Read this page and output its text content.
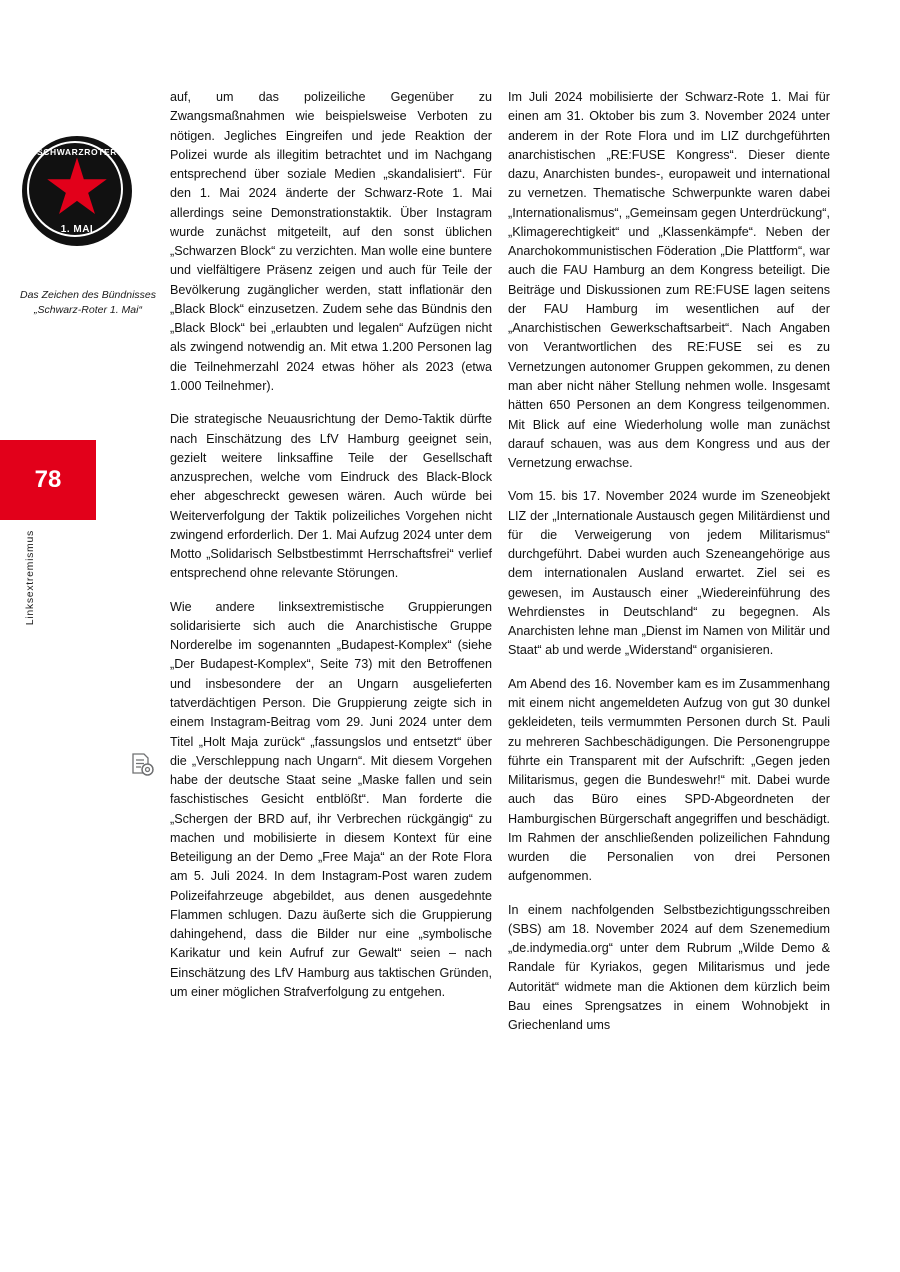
SCHWARZROTER
1. MAI
Das Zeichen des Bündnisses „Schwarz-Roter 1. Mai“
78
Linksextremismus

auf, um das polizeiliche Gegenüber zu Zwangsmaßnahmen wie beispielsweise Verboten zu nötigen. Jegliches Eingreifen und jede Reaktion der Polizei wurde als illegitim betrachtet und im Nachgang entsprechend über soziale Medien „skandalisiert“. Für den 1. Mai 2024 änderte der Schwarz-Rote 1. Mai allerdings seine Demonstrationstaktik. Über Instagram wurde zunächst mitgeteilt, auf den sonst üblichen „Schwarzen Block“ zu verzichten. Man wolle eine buntere und vielfältigere Präsenz zeigen und auch für Teile der Bevölkerung zugänglicher werden, statt inflationär den „Black Block“ einzusetzen. Zudem sehe das Bündnis den „Black Block“ bei „erlaubten und legalen“ Aufzügen nicht als zwingend notwendig an. Mit etwa 1.200 Personen lag die Teilnehmerzahl 2024 etwas höher als 2023 (etwa 1.000 Teilnehmer).

Die strategische Neuausrichtung der Demo-Taktik dürfte nach Einschätzung des LfV Hamburg geeignet sein, gezielt weitere linksaffine Teile der Gesellschaft anzusprechen, welche vom Eindruck des Black-Block eher abgeschreckt gewesen wären. Auch würde bei Weiterverfolgung der Taktik polizeiliches Vorgehen nicht zwingend erforderlich. Der 1. Mai Aufzug 2024 unter dem Motto „Solidarisch Selbstbestimmt Herrschaftsfrei“ verlief entsprechend ohne relevante Störungen.

Wie andere linksextremistische Gruppierungen solidarisierte sich auch die Anarchistische Gruppe Norderelbe im sogenannten „Budapest-Komplex“ (siehe „Der Budapest-Komplex“, Seite 73) mit den Betroffenen und insbesondere der an Ungarn ausgelieferten tatverdächtigen Person. Die Gruppierung zeigte sich in einem Instagram-Beitrag vom 29. Juni 2024 unter dem Titel „Holt Maja zurück“ „fassungslos und entsetzt“ über die „Verschleppung nach Ungarn“. Mit diesem Vorgehen habe der deutsche Staat seine „Maske fallen und sein faschistisches Gesicht entblößt“. Man forderte die „Schergen der BRD auf, ihr Verbrechen rückgängig“ zu machen und mobilisierte in diesem Kontext für eine Beteiligung an der Demo „Free Maja“ an der Rote Flora am 5. Juli 2024. In dem Instagram-Post waren zudem Polizeifahrzeuge abgebildet, aus denen ausgedehnte Flammen schlugen. Dazu äußerte sich die Gruppierung dahingehend, dass die Bilder nur eine „symbolische Karikatur und kein Aufruf zur Gewalt“ seien – nach Einschätzung des LfV Hamburg aus taktischen Gründen, um einer möglichen Strafverfolgung zu entgehen.

Im Juli 2024 mobilisierte der Schwarz-Rote 1. Mai für einen am 31. Oktober bis zum 3. November 2024 unter anderem in der Rote Flora und im LIZ durchgeführten anarchistischen „RE:FUSE Kongress“. Dieser diente dazu, Anarchisten bundes-, europaweit und international zu vernetzen. Thematische Schwerpunkte waren dabei „Internationalismus“, „Gemeinsam gegen Unterdrückung“, „Klimagerechtigkeit“ und „Klassenkämpfe“. Neben der Anarchokommunistischen Föderation „Die Plattform“, war auch die FAU Hamburg an dem Kongress beteiligt. Die Beiträge und Diskussionen zum RE:FUSE lagen seitens der FAU Hamburg im wesentlichen auf der „Anarchistischen Gewerkschaftsarbeit“. Nach Angaben von Verantwortlichen des RE:FUSE sei es zu Vernetzungen autonomer Gruppen gekommen, zu denen man aber nicht näher Stellung nehmen wolle. Insgesamt hätten 650 Personen an dem Kongress teilgenommen. Mit Blick auf eine Wiederholung wolle man zunächst darauf schauen, was aus dem Kongress und aus der Vernetzung erwachse.

Vom 15. bis 17. November 2024 wurde im Szeneobjekt LIZ der „Internationale Austausch gegen Militärdienst und für die Verweigerung von jedem Militarismus“ durchgeführt. Dabei wurden auch Szeneangehörige aus dem internationalen Ausland erwartet. Ziel sei es gewesen, im Austausch einer „Wiedereinführung des Wehrdienstes in Deutschland“ zu begegnen. Als Anarchisten lehne man „Dienst im Namen von Militär und Staat“ ab und werde „Widerstand“ organisieren.

Am Abend des 16. November kam es im Zusammenhang mit einem nicht angemeldeten Aufzug von gut 30 dunkel gekleideten, teils vermummten Personen durch St. Pauli zu mehreren Sachbeschädigungen. Die Personengruppe führte ein Transparent mit der Aufschrift: „Gegen jeden Militarismus, gegen die Bundeswehr!“ mit. Dabei wurde auch das Büro eines SPD-Abgeordneten der Hamburgischen Bürgerschaft angegriffen und beschädigt. Im Rahmen der anschließenden polizeilichen Fahndung wurden die Personalien von drei Personen aufgenommen.

In einem nachfolgenden Selbstbezichtigungsschreiben (SBS) am 18. November 2024 auf dem Szenemedium „de.indymedia.org“ unter dem Rubrum „Wilde Demo & Randale für Kyriakos, gegen Militarismus und jede Autorität“ widmete man die Aktionen dem kürzlich beim Bau eines Sprengsatzes in einem Wohnobjekt in Griechenland ums
